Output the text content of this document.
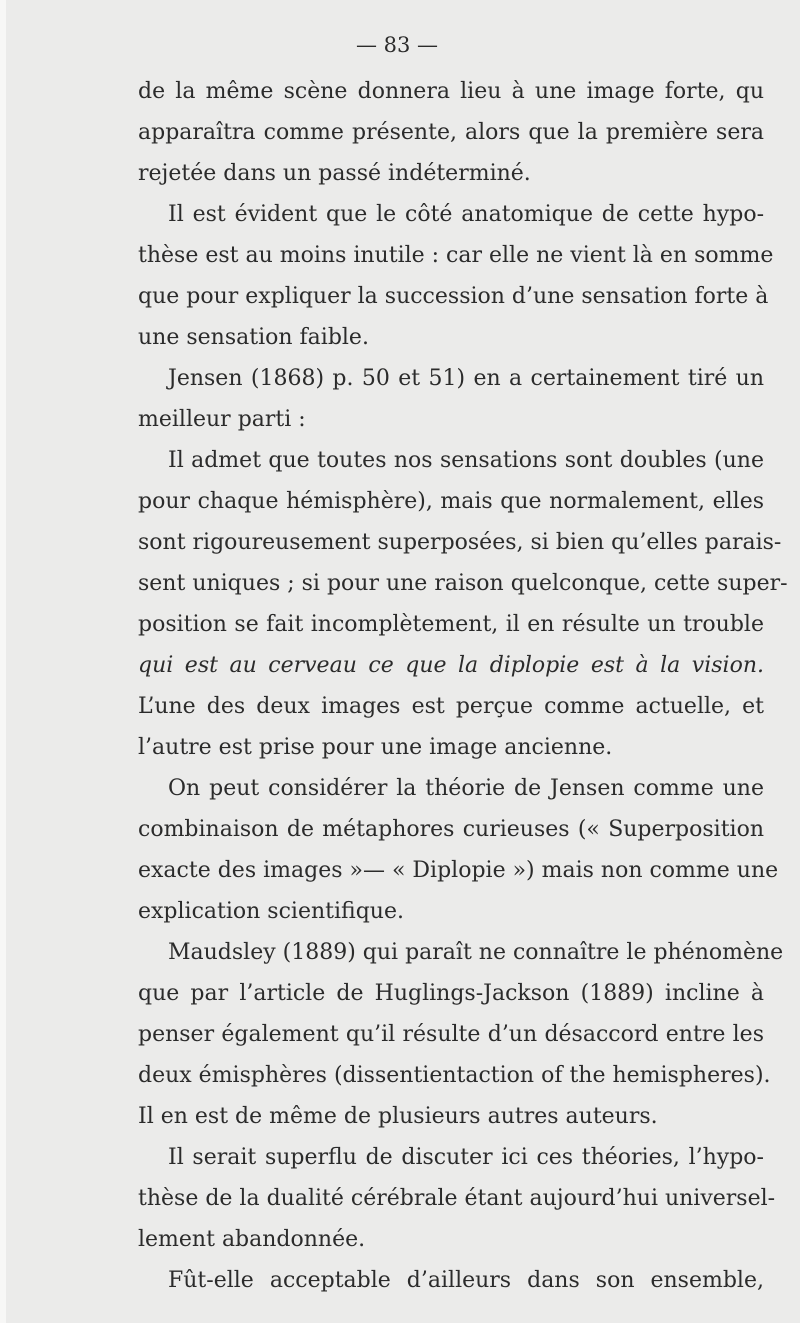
— 83 —
de la même scène donnera lieu à une image forte, qu
apparaîtra comme présente, alors que la première sera
rejetée dans un passé indéterminé.
Il est évident que le côté anatomique de cette hypo-
thèse est au moins inutile : car elle ne vient là en somme
que pour expliquer la succession d’une sensation forte à
une sensation faible.
Jensen (1868) p. 50 et 51) en a certainement tiré un
meilleur parti :
Il admet que toutes nos sensations sont doubles (une
pour chaque hémisphère), mais que normalement, elles
sont rigoureusement superposées, si bien qu’elles parais-
sent uniques ; si pour une raison quelconque, cette super-
position se fait incomplètement, il en résulte un trouble
qui est au cerveau ce que la diplopie est à la vision.
L’une des deux images est perçue comme actuelle, et
l’autre est prise pour une image ancienne.
On peut considérer la théorie de Jensen comme une
combinaison de métaphores curieuses (« Superposition
exacte des images »— « Diplopie ») mais non comme une
explication scientifique.
Maudsley (1889) qui paraît ne connaître le phénomène
que par l’article de Huglings-Jackson (1889) incline à
penser également qu’il résulte d’un désaccord entre les
deux émisphères (dissentientaction of the hemispheres).
Il en est de même de plusieurs autres auteurs.
Il serait superflu de discuter ici ces théories, l’hypo-
thèse de la dualité cérébrale étant aujourd’hui universel-
lement abandonnée.
Fût-elle acceptable d’ailleurs dans son ensemble,
